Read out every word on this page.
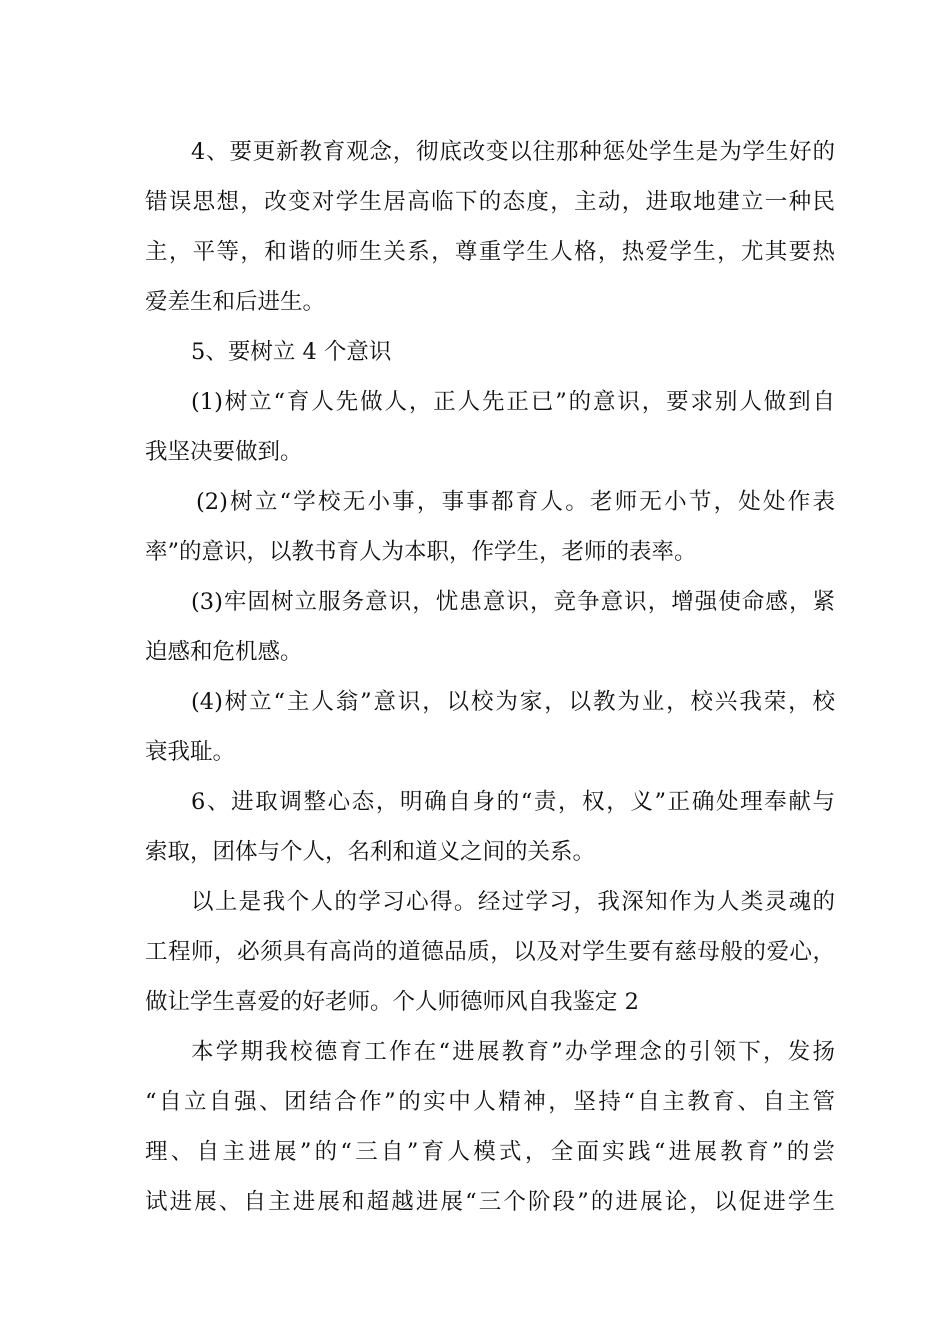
4、要更新教育观念，彻底改变以往那种惩处学生是为学生好的
错误思想，改变对学生居高临下的态度，主动，进取地建立一种民
主，平等，和谐的师生关系，尊重学生人格，热爱学生，尤其要热
爱差生和后进生。
5、要树立 4 个意识
(1)树立“育人先做人，正人先正已”的意识，要求别人做到自
我坚决要做到。
(2)树立“学校无小事，事事都育人。老师无小节，处处作表
率”的意识，以教书育人为本职，作学生，老师的表率。
(3)牢固树立服务意识，忧患意识，竞争意识，增强使命感，紧
迫感和危机感。
(4)树立“主人翁”意识，以校为家，以教为业，校兴我荣，校
衰我耻。
6、进取调整心态，明确自身的“责，权，义”正确处理奉献与
索取，团体与个人，名利和道义之间的关系。
以上是我个人的学习心得。经过学习，我深知作为人类灵魂的
工程师，必须具有高尚的道德品质，以及对学生要有慈母般的爱心，
做让学生喜爱的好老师。个人师德师风自我鉴定 2
本学期我校德育工作在“进展教育”办学理念的引领下，发扬
“自立自强、团结合作”的实中人精神，坚持“自主教育、自主管
理、自主进展”的“三自”育人模式，全面实践“进展教育”的尝
试进展、自主进展和超越进展“三个阶段”的进展论，以促进学生
